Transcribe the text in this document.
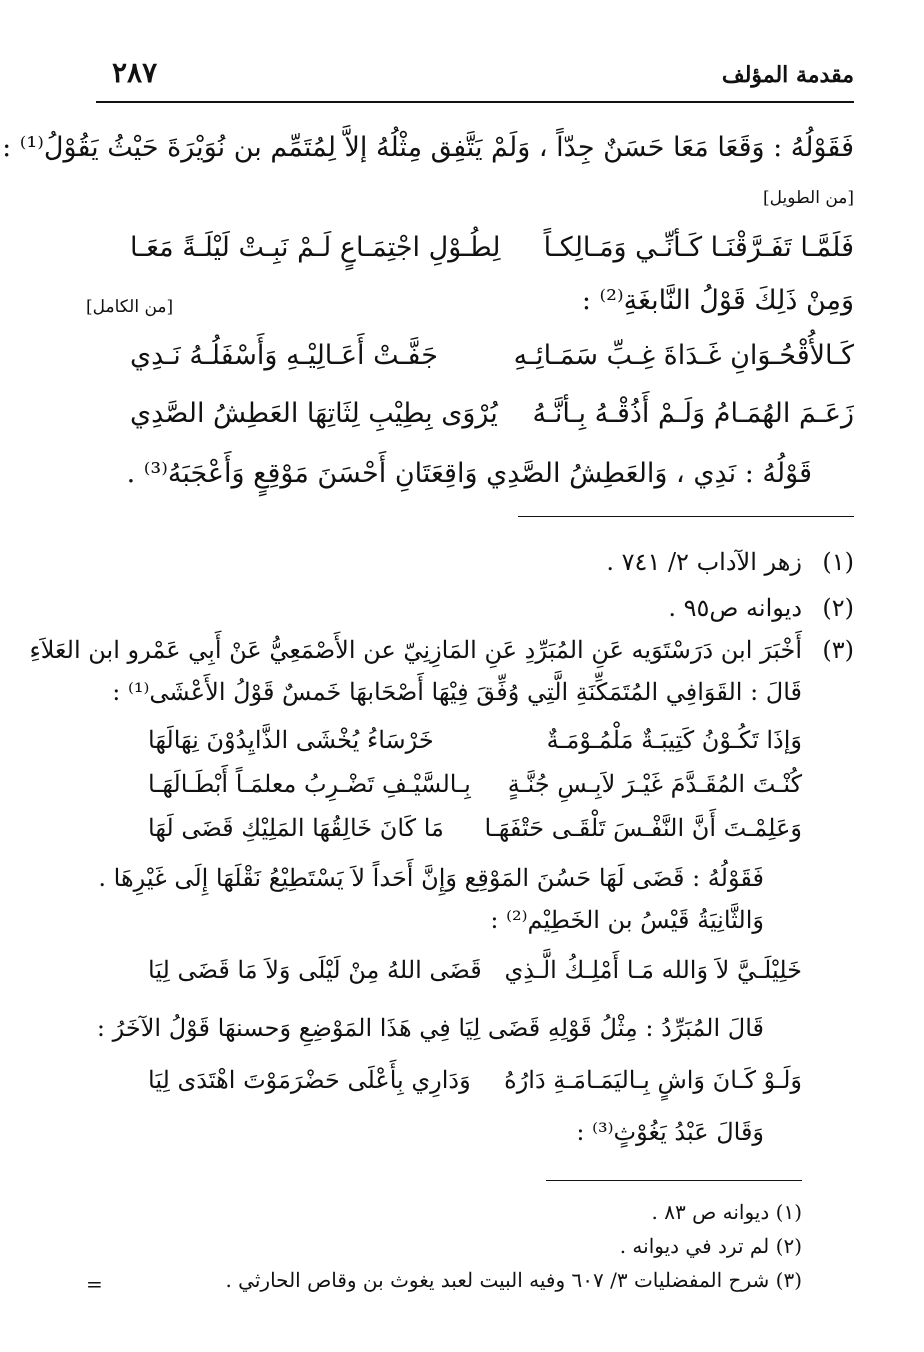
مقدمة المؤلف
٢٨٧
فَقَوْلُهُ : وَقَعَا مَعَا حَسَنٌ جِدّاً ، وَلَمْ يَتَّفِق مِثْلُهُ إلاَّ لِمُتَمِّم بن نُوَيْرَةَ حَيْثُ يَقُوْلُ⁽¹⁾ :
[من الطويل]
فَلَمَّـا تَفَـرَّقْنَـا كَـأنِّـي وَمَـالِكـاً
لِطُـوْلِ اجْتِمَـاعٍ لَـمْ نَبِـتْ لَيْلَـةً مَعَـا
وَمِنْ ذَلِكَ قَوْلُ النَّابغَةِ⁽²⁾ :
[من الكامل]
كَـالأُقْحُـوَانِ غَـدَاةَ غِـبِّ سَمَـائِـهِ
جَفَّـتْ أَعَـالِيْـهِ وَأَسْفَلُـهُ نَـدِي
زَعَـمَ الهُمَـامُ وَلَـمْ أَذُقْـهُ بِـأنَّـهُ
يُرْوَى بِطِيْبِ لِثَاتِهَا العَطِشُ الصَّدِي
قَوْلُهُ : نَدِي ، وَالعَطِشُ الصَّدِي وَاقِعَتَانِ أَحْسَنَ مَوْقِعٍ وَأَعْجَبَهُ⁽³⁾ .
(١)
زهر الآداب ٢/ ٧٤١ .
(٢)
ديوانه ص٩٥ .
(٣)
أَخْبَرَ ابن دَرَسْتَوَيه عَنِ المُبَرِّدِ عَنِ المَازِنِيّ عن الأَصْمَعِيُّ عَنْ أَبِي عَمْرو ابن العَلاَءِ
قَالَ : القَوَافِي المُتَمَكِّنَةِ الَّتِي وُفِّقَ فِيْهَا أَصْحَابهَا خَمسٌ قَوْلُ الأَعْشَى⁽¹⁾ :
وَإذَا تَكُـوْنُ كَتِيبَـةٌ مَلْمُـوْمَـةٌ
خَرْسَاءُ يُخْشَى الذَّايِدُوْنَ نِهَالَهَا
كُنْـتَ المُقَـدَّمَ غَيْـرَ لاَبِـسِ جُنَّـةٍ
بِـالسَّيْـفِ تَضْـرِبُ معلمَـاً أَبْطَـالَهَـا
وَعَلِمْـتَ أَنَّ النَّفْـسَ تَلْقَـى حَتْفَهَـا
مَا كَانَ خَالِقُهَا المَلِيْكِ قَضَى لَهَا
فَقَوْلُهُ : قَضَى لَهَا حَسُنَ المَوْقِع وَإِنَّ أَحَداً لاَ يَسْتَطِيْعُ نَقْلَهَا إِلَى غَيْرِهَا .
وَالثَّانِيَةُ قَيْسُ بن الخَطِيْم⁽²⁾ :
خَلِيْلَـيَّ لاَ وَالله مَـا أَمْلِـكُ الَّـذِي
قَضَى اللهُ مِنْ لَيْلَى وَلاَ مَا قَضَى لِيَا
قَالَ المُبَرِّدُ : مِثْلُ قَوْلِهِ قَضَى لِيَا فِي هَذَا المَوْضِعِ وَحسنهَا قَوْلُ الآخَرُ :
وَلَـوْ كَـانَ وَاشٍ بِـاليَمَـامَـةِ دَارُهُ
وَدَارِي بِأَعْلَى حَضْرَمَوْتَ اهْتَدَى لِيَا
وَقَالَ عَبْدُ يَغُوْثٍ⁽³⁾ :
(١) ديوانه ص ٨٣ .
(٢) لم ترد في ديوانه .
(٣) شرح المفضليات ٣/ ٦٠٧ وفيه البيت لعبد يغوث بن وقاص الحارثي .
=
